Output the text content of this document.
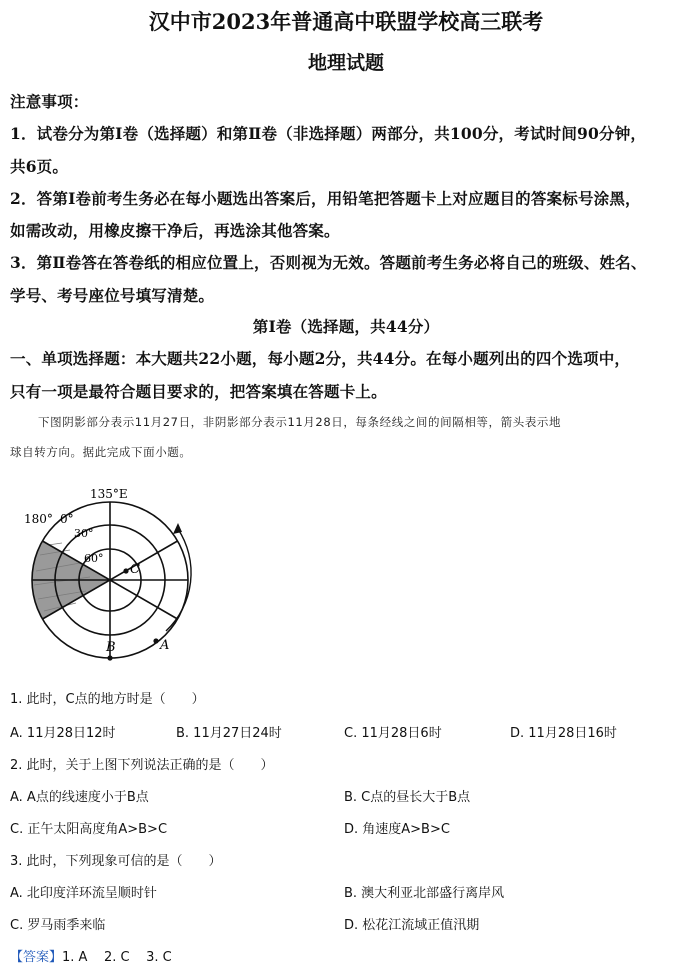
汉中市2023年普通高中联盟学校高三联考
地理试题
注意事项：
1．试卷分为第Ⅰ卷（选择题）和第Ⅱ卷（非选择题）两部分，共100分，考试时间90分钟，
共6页。
2．答第Ⅰ卷前考生务必在每小题选出答案后，用铅笔把答题卡上对应题目的答案标号涂黑，
如需改动，用橡皮擦干净后，再选涂其他答案。
3．第Ⅱ卷答在答卷纸的相应位置上，否则视为无效。答题前考生务必将自己的班级、姓名、
学号、考号座位号填写清楚。
第Ⅰ卷（选择题，共44分）
一、单项选择题：本大题共22小题，每小题2分，共44分。在每小题列出的四个选项中，
只有一项是最符合题目要求的，把答案填在答题卡上。
下图阴影部分表示11月27日，非阴影部分表示11月28日，每条经线之间的间隔相等，箭头表示地
球自转方向。据此完成下面小题。
135°E
180° 0°
30°
60°
C
B	A
1. 此时，C点的地方时是（　　）
A. 11月28日12时	B. 11月27日24时	C. 11月28日6时	D. 11月28日16时
2. 此时，关于上图下列说法正确的是（　　）
A. A点的线速度小于B点	B. C点的昼长大于B点
C. 正午太阳高度角A>B>C	D. 角速度A>B>C
3. 此时，下列现象可信的是（　　）
A. 北印度洋环流呈顺时针	B. 澳大利亚北部盛行离岸风
C. 罗马雨季来临	D. 松花江流域正值汛期
【答案】1. A 2. C 3. C
